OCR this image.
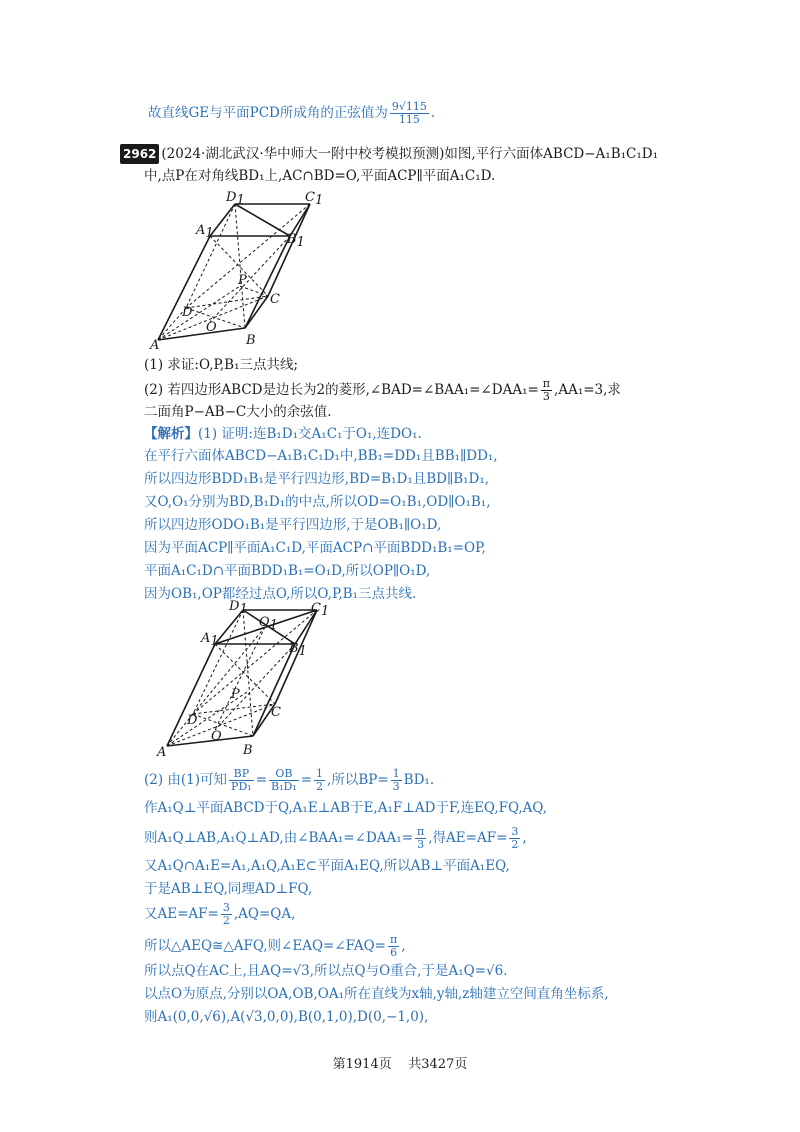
故直线GE与平面PCD所成角的正弦值为 $\frac{9√115}{115}$ .
2962 (2024·湖北武汉·华中师大一附中校考模拟预测)如图,平行六面体ABCD−A₁B₁C₁D₁
中,点P在对角线BD₁上,AC∩BD=O,平面ACP∥平面A₁C₁D.
D1	C1
A1	B1
P
C
D
O
A	B
(1) 求证:O,P,B₁三点共线;
(2) 若四边形ABCD是边长为2的菱形,∠BAD=∠BAA₁=∠DAA₁= $\frac{\pi}{3} ,AA_1=3$,求
二面角P−AB−C大小的余弦值.
【解析】(1) 证明:连B₁D₁交A₁C₁于O₁,连DO₁.
在平行六面体ABCD−A₁B₁C₁D₁中,BB₁=DD₁且BB₁∥DD₁,
所以四边形BDD₁B₁是平行四边形,BD=B₁D₁且BD∥B₁D₁,
又O,O₁分别为BD,B₁D₁的中点,所以OD=O₁B₁,OD∥O₁B₁,
所以四边形ODO₁B₁是平行四边形,于是OB₁∥O₁D,
因为平面ACP∥平面A₁C₁D,平面ACP∩平面BDD₁B₁=OP,
平面A₁C₁D∩平面BDD₁B₁=O₁D,所以OP∥O₁D,
因为OB₁,OP都经过点O,所以O,P,B₁三点共线.
D1	C1
O1
A1	B1
P
C
D
O
A	B
(2) 由(1)可知 $\frac{BP}{\text{PD₁}} = \frac{OB}{\text{B₁D₁}} = \frac{1}{2}$ ,所以$BP= \frac{1}{3} BD_1$.
作A₁Q⊥平面ABCD于Q,A₁E⊥AB于E,A₁F⊥AD于F,连EQ,FQ,AQ,
则A₁Q⊥AB,A₁Q⊥AD,由∠BAA₁=∠DAA₁= $\frac{\pi}{3}$ ,得$AE=AF= \frac{3}{2}$ ,
又A₁Q∩A₁E=A₁,A₁Q,A₁E⊂平面A₁EQ,所以AB⊥平面A₁EQ,
于是AB⊥EQ,同理AD⊥FQ,
又$AE=AF= \frac{3}{2} ,AQ=QA$,
所以△AEQ≅△AFQ,则∠EAQ=∠FAQ= $\frac{\pi}{6}$ ,
所以点Q在AC上,且AQ=√3,所以点Q与O重合,于是A₁Q=√6.
以点O为原点,分别以OA,OB,OA₁所在直线为x轴,y轴,z轴建立空间直角坐标系,
则A₁(0,0,√6),A(√3,0,0),B(0,1,0),D(0,−1,0),
第1914页 共3427页
